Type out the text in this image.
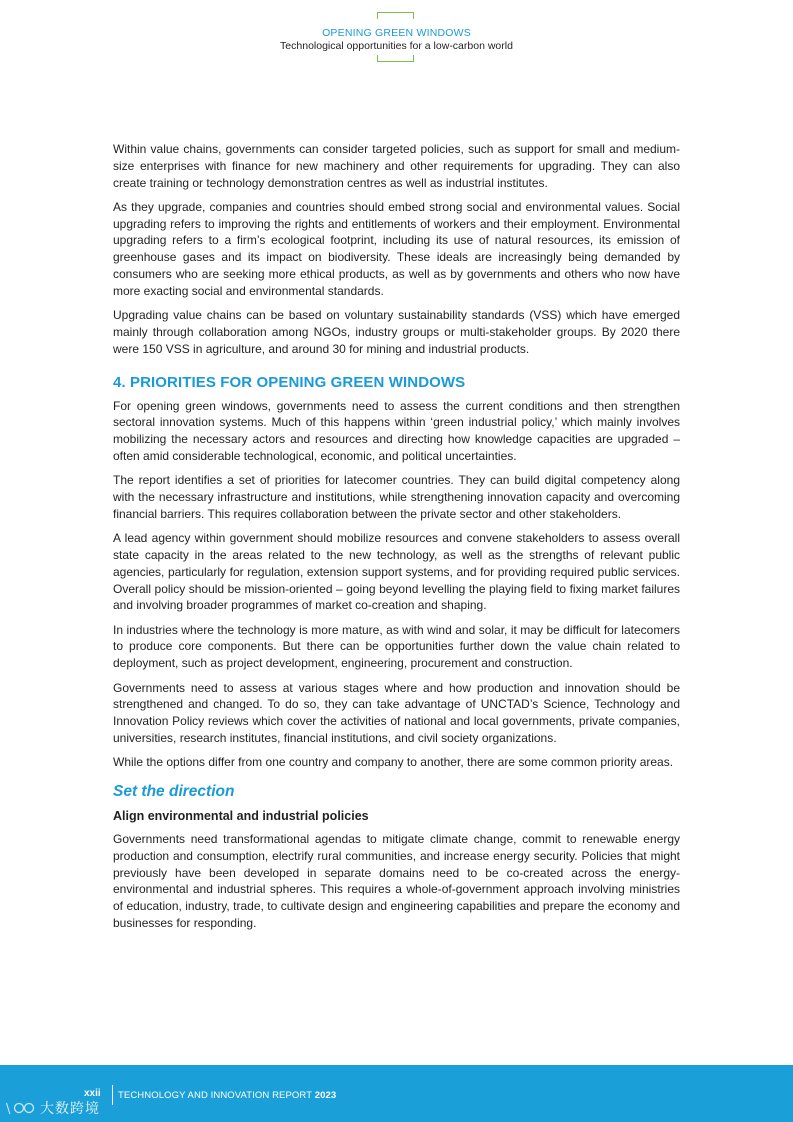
OPENING GREEN WINDOWS
Technological opportunities for a low-carbon world

Within value chains, governments can consider targeted policies, such as support for small and medium-size enterprises with finance for new machinery and other requirements for upgrading. They can also create training or technology demonstration centres as well as industrial institutes.

As they upgrade, companies and countries should embed strong social and environmental values. Social upgrading refers to improving the rights and entitlements of workers and their employment. Environmental upgrading refers to a firm’s ecological footprint, including its use of natural resources, its emission of greenhouse gases and its impact on biodiversity. These ideals are increasingly being demanded by consumers who are seeking more ethical products, as well as by governments and others who now have more exacting social and environmental standards.

Upgrading value chains can be based on voluntary sustainability standards (VSS) which have emerged mainly through collaboration among NGOs, industry groups or multi-stakeholder groups. By 2020 there were 150 VSS in agriculture, and around 30 for mining and industrial products.

4. PRIORITIES FOR OPENING GREEN WINDOWS

For opening green windows, governments need to assess the current conditions and then strengthen sectoral innovation systems. Much of this happens within ‘green industrial policy,’ which mainly involves mobilizing the necessary actors and resources and directing how knowledge capacities are upgraded – often amid considerable technological, economic, and political uncertainties.

The report identifies a set of priorities for latecomer countries. They can build digital competency along with the necessary infrastructure and institutions, while strengthening innovation capacity and overcoming financial barriers. This requires collaboration between the private sector and other stakeholders.

A lead agency within government should mobilize resources and convene stakeholders to assess overall state capacity in the areas related to the new technology, as well as the strengths of relevant public agencies, particularly for regulation, extension support systems, and for providing required public services. Overall policy should be mission-oriented – going beyond levelling the playing field to fixing market failures and involving broader programmes of market co-creation and shaping.

In industries where the technology is more mature, as with wind and solar, it may be difficult for latecomers to produce core components. But there can be opportunities further down the value chain related to deployment, such as project development, engineering, procurement and construction.

Governments need to assess at various stages where and how production and innovation should be strengthened and changed. To do so, they can take advantage of UNCTAD’s Science, Technology and Innovation Policy reviews which cover the activities of national and local governments, private companies, universities, research institutes, financial institutions, and civil society organizations.

While the options differ from one country and company to another, there are some common priority areas.

Set the direction
Align environmental and industrial policies

Governments need transformational agendas to mitigate climate change, commit to renewable energy production and consumption, electrify rural communities, and increase energy security. Policies that might previously have been developed in separate domains need to be co-created across the energy-environmental and industrial spheres. This requires a whole-of-government approach involving ministries of education, industry, trade, to cultivate design and engineering capabilities and prepare the economy and businesses for responding.

xxii TECHNOLOGY AND INNOVATION REPORT 2023
\ 大数跨境
